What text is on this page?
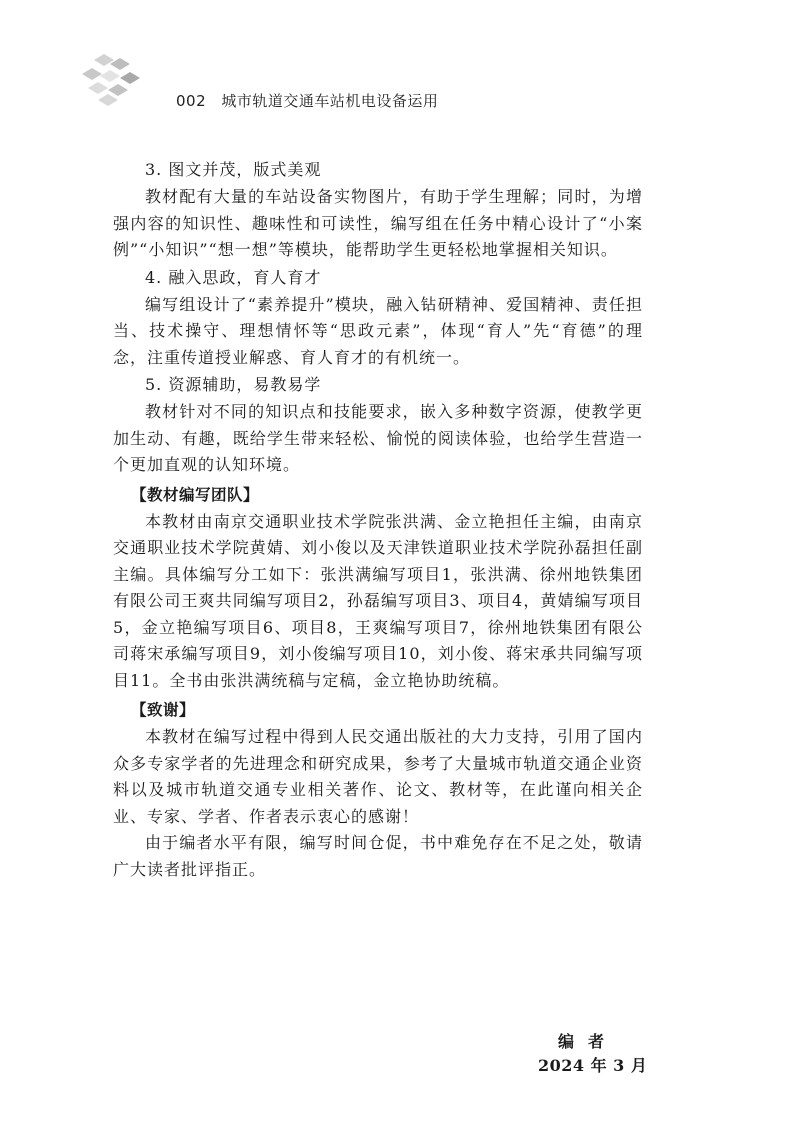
002 城市轨道交通车站机电设备运用
3. 图文并茂，版式美观

教材配有大量的车站设备实物图片，有助于学生理解；同时，为增强内容的知识性、趣味性和可读性，编写组在任务中精心设计了“小案例”“小知识”“想一想”等模块，能帮助学生更轻松地掌握相关知识。

4. 融入思政，育人育才

编写组设计了“素养提升”模块，融入钻研精神、爱国精神、责任担当、技术操守、理想情怀等“思政元素”，体现“育人”先“育德”的理念，注重传道授业解惑、育人育才的有机统一。

5. 资源辅助，易教易学

教材针对不同的知识点和技能要求，嵌入多种数字资源，使教学更加生动、有趣，既给学生带来轻松、愉悦的阅读体验，也给学生营造一个更加直观的认知环境。

【教材编写团队】

本教材由南京交通职业技术学院张洪满、金立艳担任主编，由南京交通职业技术学院黄婧、刘小俊以及天津铁道职业技术学院孙磊担任副主编。具体编写分工如下：张洪满编写项目1，张洪满、徐州地铁集团有限公司王爽共同编写项目2，孙磊编写项目3、项目4，黄婧编写项目5，金立艳编写项目6、项目8，王爽编写项目7，徐州地铁集团有限公司蒋宋承编写项目9，刘小俊编写项目10，刘小俊、蒋宋承共同编写项目11。全书由张洪满统稿与定稿，金立艳协助统稿。

【致谢】

本教材在编写过程中得到人民交通出版社的大力支持，引用了国内众多专家学者的先进理念和研究成果，参考了大量城市轨道交通企业资料以及城市轨道交通专业相关著作、论文、教材等，在此谨向相关企业、专家、学者、作者表示衷心的感谢！

由于编者水平有限，编写时间仓促，书中难免存在不足之处，敬请广大读者批评指正。

编者
2024 年 3 月
